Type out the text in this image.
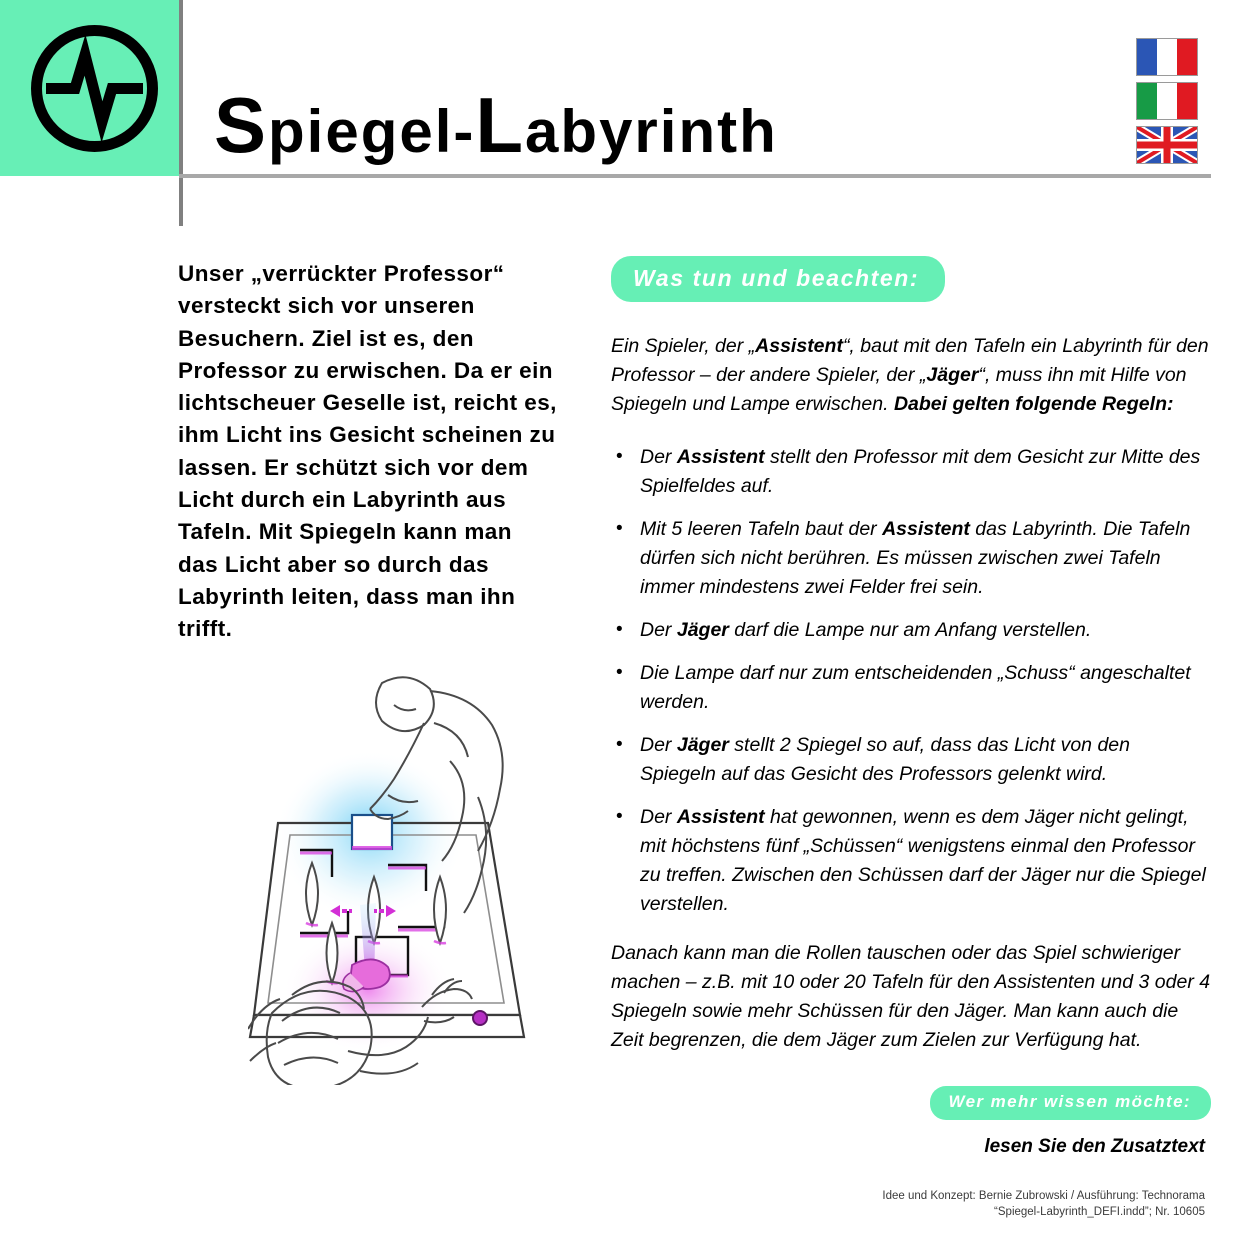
Spiegel-Labyrinth

Unser „verrückter Professor“ versteckt sich vor unseren Besuchern. Ziel ist es, den Professor zu erwischen. Da er ein lichtscheuer Geselle ist, reicht es, ihm Licht ins Gesicht scheinen zu lassen. Er schützt sich vor dem Licht durch ein Labyrinth aus Tafeln. Mit Spiegeln kann man das Licht aber so durch das Labyrinth leiten, dass man ihn trifft.

Was tun und beachten:

Ein Spieler, der „Assistent“, baut mit den Tafeln ein Labyrinth für den Professor – der andere Spieler, der „Jäger“, muss ihn mit Hilfe von Spiegeln und Lampe erwischen. Dabei gelten folgende Regeln:

• Der Assistent stellt den Professor mit dem Gesicht zur Mitte des Spielfeldes auf.
• Mit 5 leeren Tafeln baut der Assistent das Labyrinth. Die Tafeln dürfen sich nicht berühren. Es müssen zwischen zwei Tafeln immer mindestens zwei Felder frei sein.
• Der Jäger darf die Lampe nur am Anfang verstellen.
• Die Lampe darf nur zum entscheidenden „Schuss“ angeschaltet werden.
• Der Jäger stellt 2 Spiegel so auf, dass das Licht von den Spiegeln auf das Gesicht des Professors gelenkt wird.
• Der Assistent hat gewonnen, wenn es dem Jäger nicht gelingt, mit höchstens fünf „Schüssen“ wenigstens einmal den Professor zu treffen. Zwischen den Schüssen darf der Jäger nur die Spiegel verstellen.

Danach kann man die Rollen tauschen oder das Spiel schwieriger machen – z.B. mit 10 oder 20 Tafeln für den Assistenten und 3 oder 4 Spiegeln sowie mehr Schüssen für den Jäger. Man kann auch die Zeit begrenzen, die dem Jäger zum Zielen zur Verfügung hat.

Wer mehr wissen möchte:

lesen Sie den Zusatztext

Idee und Konzept: Bernie Zubrowski / Ausführung: Technorama
“Spiegel-Labyrinth_DEFI.indd”; Nr. 10605
